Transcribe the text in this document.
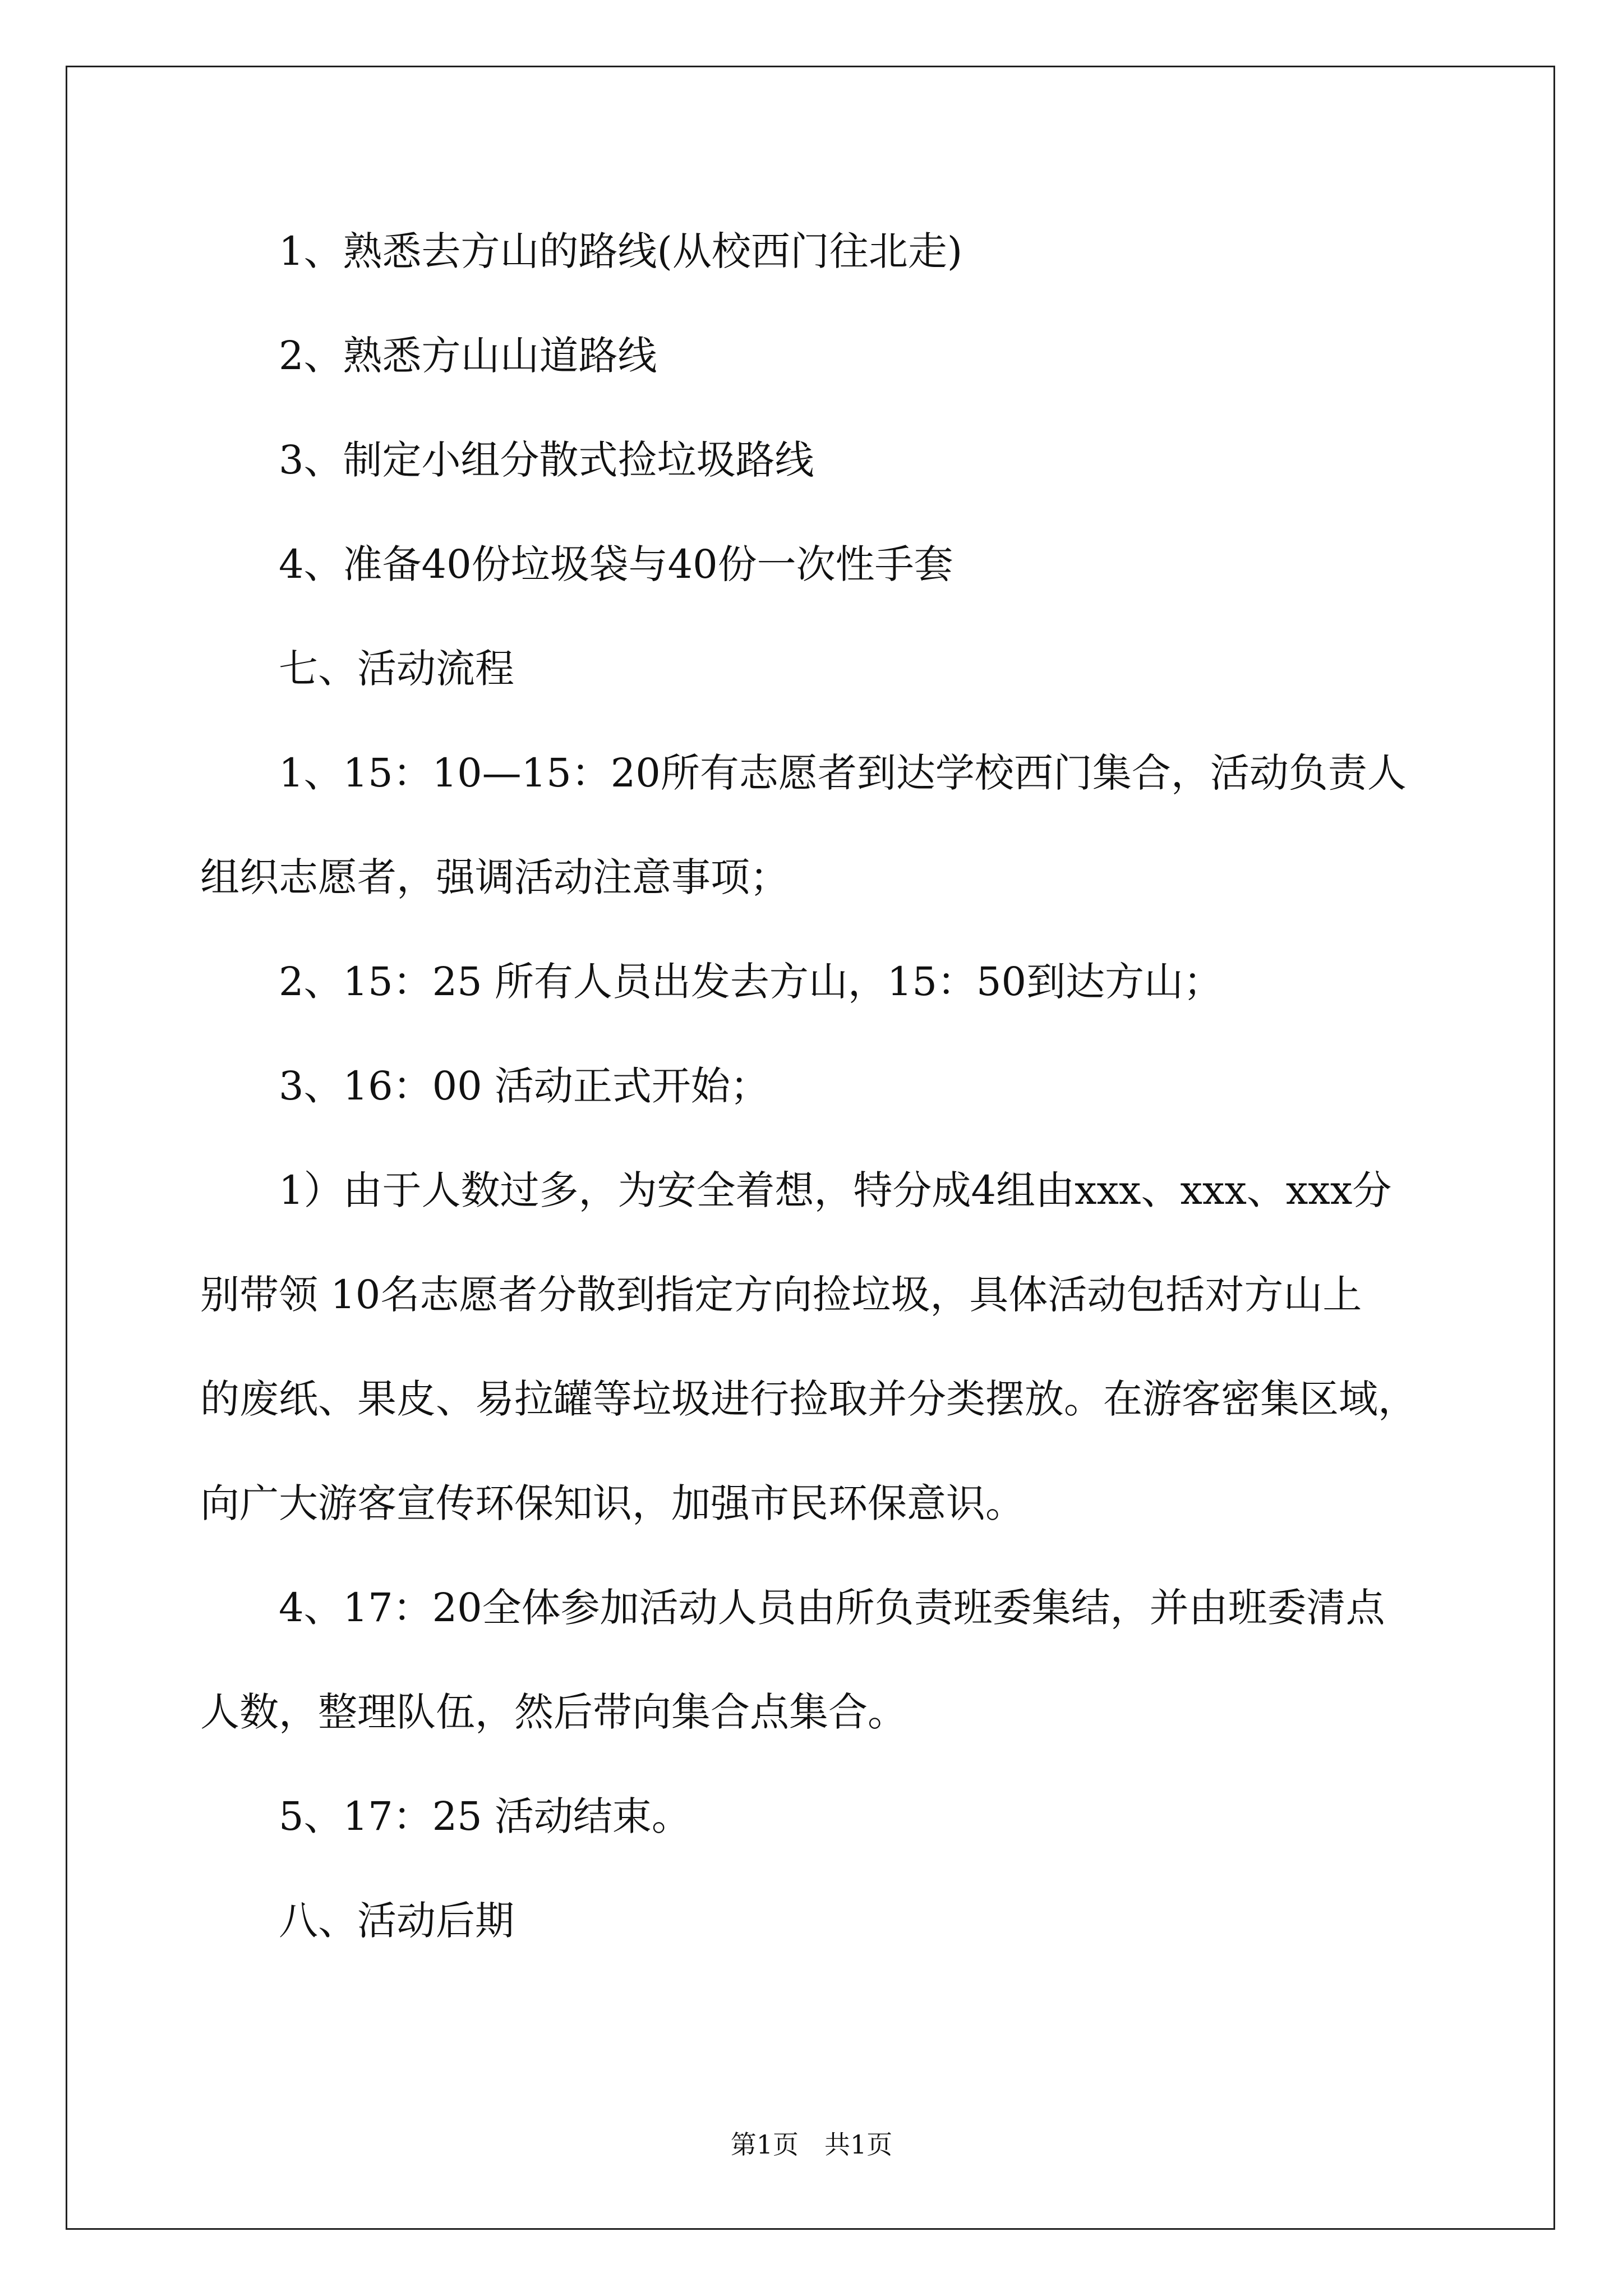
1、熟悉去方山的路线(从校西门往北走)
2、熟悉方山山道路线
3、制定小组分散式捡垃圾路线
4、准备40份垃圾袋与40份一次性手套
七、活动流程
1、15：10—15：20所有志愿者到达学校西门集合，活动负责人
组织志愿者，强调活动注意事项；
2、15：25 所有人员出发去方山，15：50到达方山；
3、16：00 活动正式开始；
1）由于人数过多，为安全着想，特分成4组由xxx、xxx、xxx分
别带领 10名志愿者分散到指定方向捡垃圾，具体活动包括对方山上
的废纸、果皮、易拉罐等垃圾进行捡取并分类摆放。在游客密集区域，
向广大游客宣传环保知识，加强市民环保意识。
4、17：20全体参加活动人员由所负责班委集结，并由班委清点
人数，整理队伍，然后带向集合点集合。
5、17：25 活动结束。
八、活动后期
第1页　共1页
